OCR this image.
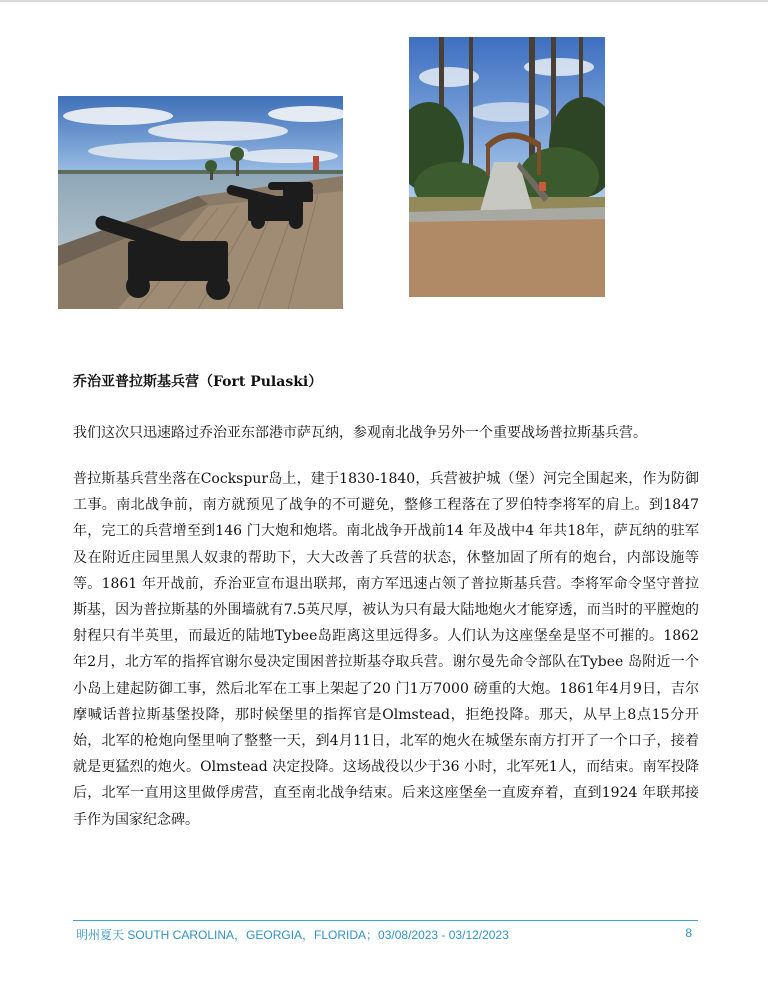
乔治亚普拉斯基兵营（Fort Pulaski）

我们这次只迅速路过乔治亚东部港市萨瓦纳，参观南北战争另外一个重要战场普拉斯基兵营。

普拉斯基兵营坐落在Cockspur岛上，建于1830-1840，兵营被护城（堡）河完全围起来，作为防御工事。南北战争前，南方就预见了战争的不可避免，整修工程落在了罗伯特李将军的肩上。到1847 年，完工的兵营增至到146 门大炮和炮塔。南北战争开战前14 年及战中4 年共18年，萨瓦纳的驻军及在附近庄园里黑人奴隶的帮助下，大大改善了兵营的状态，休整加固了所有的炮台，内部设施等等。1861 年开战前，乔治亚宣布退出联邦，南方军迅速占领了普拉斯基兵营。李将军命令坚守普拉斯基，因为普拉斯基的外围墙就有7.5英尺厚，被认为只有最大陆地炮火才能穿透，而当时的平膛炮的射程只有半英里，而最近的陆地Tybee岛距离这里远得多。人们认为这座堡垒是坚不可摧的。1862 年2月，北方军的指挥官谢尔曼决定围困普拉斯基夺取兵营。谢尔曼先命令部队在Tybee 岛附近一个小岛上建起防御工事，然后北军在工事上架起了20 门1万7000 磅重的大炮。1861年4月9日，吉尔摩喊话普拉斯基堡投降，那时候堡里的指挥官是Olmstead，拒绝投降。那天，从早上8点15分开始，北军的枪炮向堡里响了整整一天，到4月11日，北军的炮火在城堡东南方打开了一个口子，接着就是更猛烈的炮火。Olmstead 决定投降。这场战役以少于36 小时，北军死1人，而结束。南军投降后，北军一直用这里做俘虏营，直至南北战争结束。后来这座堡垒一直废弃着，直到1924 年联邦接手作为国家纪念碑。

明州夏天 SOUTH CAROLINA，GEORGIA，FLORIDA；03/08/2023 - 03/12/2023	8
